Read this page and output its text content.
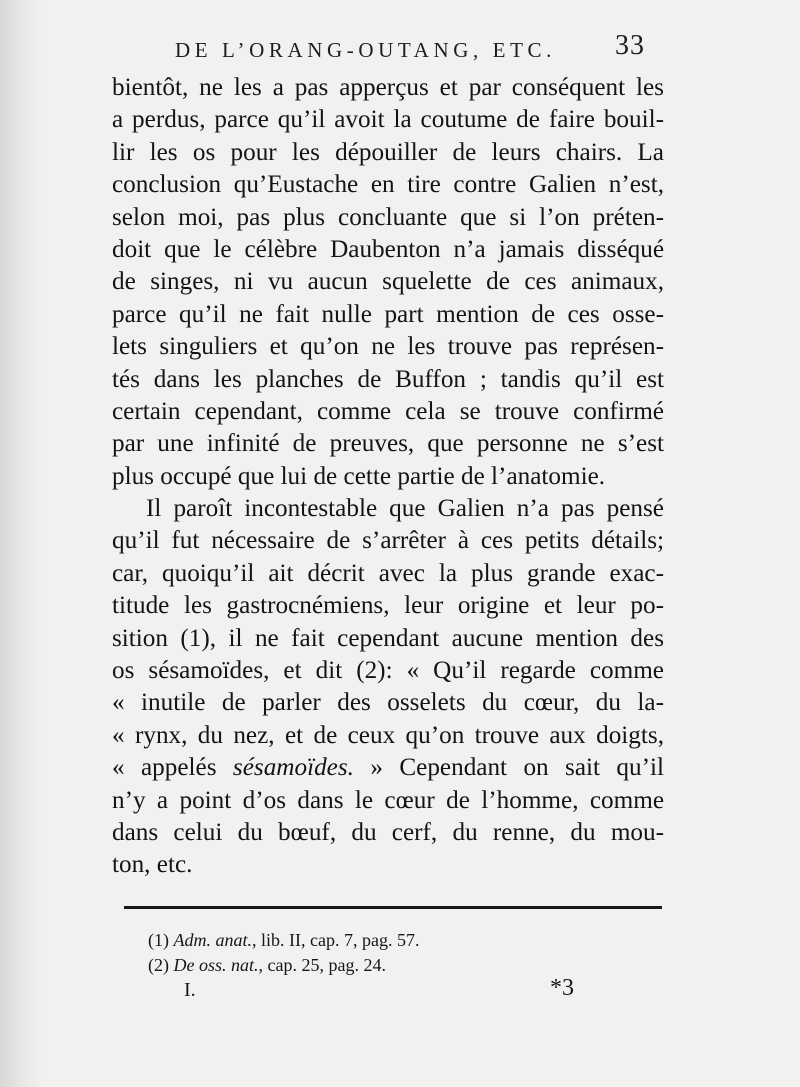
DE L’ORANG-OUTANG, ETC. 33
bientôt, ne les a pas apperçus et par conséquent les
a perdus, parce qu’il avoit la coutume de faire bouil-
lir les os pour les dépouiller de leurs chairs. La
conclusion qu’Eustache en tire contre Galien n’est,
selon moi, pas plus concluante que si l’on préten-
doit que le célèbre Daubenton n’a jamais disséqué
de singes, ni vu aucun squelette de ces animaux,
parce qu’il ne fait nulle part mention de ces osse-
lets singuliers et qu’on ne les trouve pas représen-
tés dans les planches de Buffon ; tandis qu’il est
certain cependant, comme cela se trouve confirmé
par une infinité de preuves, que personne ne s’est
plus occupé que lui de cette partie de l’anatomie.
Il paroît incontestable que Galien n’a pas pensé
qu’il fut nécessaire de s’arrêter à ces petits détails;
car, quoiqu’il ait décrit avec la plus grande exac-
titude les gastrocnémiens, leur origine et leur po-
sition (1), il ne fait cependant aucune mention des
os sésamoïdes, et dit (2): « Qu’il regarde comme
« inutile de parler des osselets du cœur, du la-
« rynx, du nez, et de ceux qu’on trouve aux doigts,
« appelés sésamoïdes. » Cependant on sait qu’il
n’y a point d’os dans le cœur de l’homme, comme
dans celui du bœuf, du cerf, du renne, du mou-
ton, etc.
(1) Adm. anat., lib. II, cap. 7, pag. 57.
(2) De oss. nat., cap. 25, pag. 24.
I.	*3
